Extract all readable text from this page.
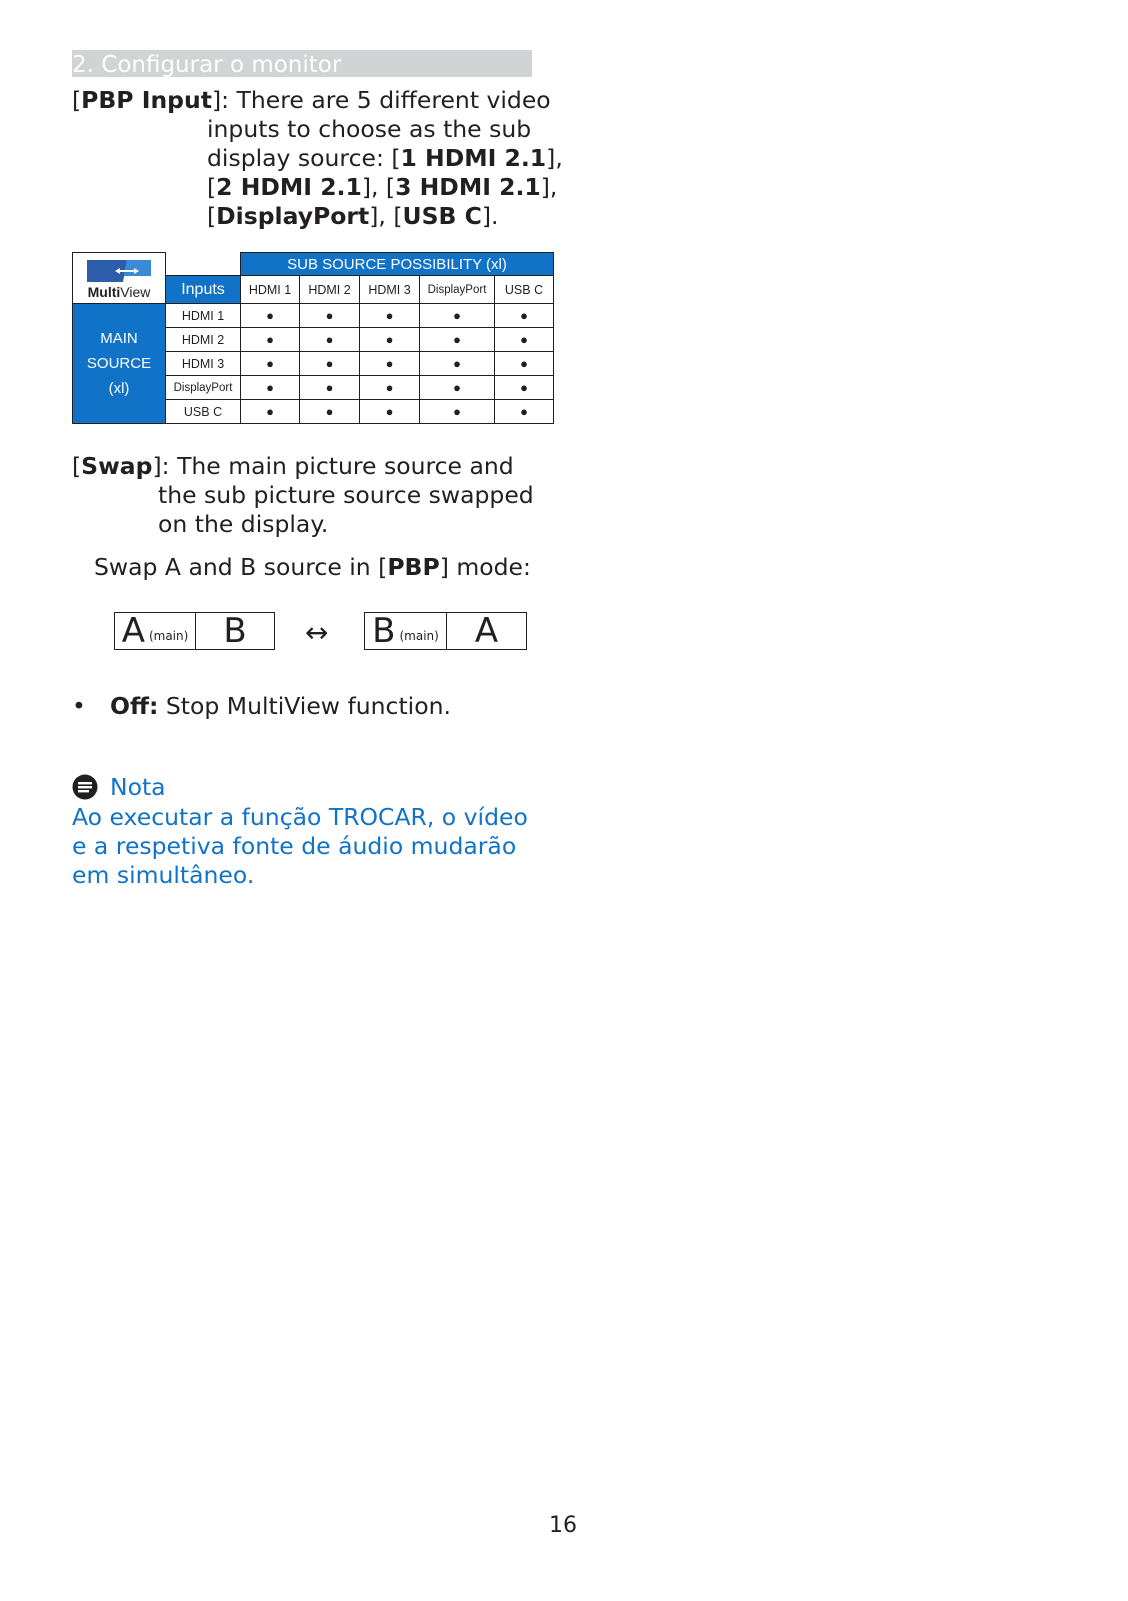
2. Configurar o monitor
[PBP Input]: There are 5 different video
inputs to choose as the sub
display source: [1 HDMI 2.1],
[2 HDMI 2.1], [3 HDMI 2.1],
[DisplayPort], [USB C].
MultiView		SUB SOURCE POSSIBILITY (xl)				
	Inputs	HDMI 1	HDMI 2	HDMI 3	DisplayPort	USB C

MAIN
SOURCE
(xl)	HDMI 1	●	●	●	●	●
	HDMI 2	●	●	●	●	●
	HDMI 3	●	●	●	●	●
	DisplayPort	●	●	●	●	●
	USB C	●	●	●	●	●
[Swap]: The main picture source and
the sub picture source swapped
on the display.
Swap A and B source in [PBP] mode:
A (main) B ↔ B (main) A
• Off: Stop MultiView function.
Nota
Ao executar a função TROCAR, o vídeo
e a respetiva fonte de áudio mudarão
em simultâneo.
16
